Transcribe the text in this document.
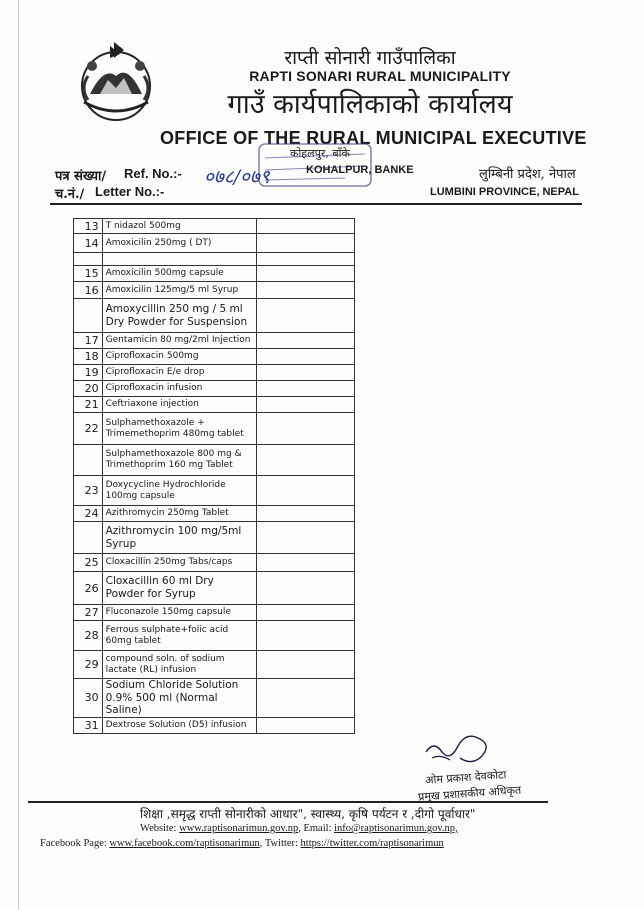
राप्ती सोनारी गाउँपालिका
RAPTI SONARI RURAL MUNICIPALITY
गाउँ कार्यपालिकाको कार्यालय
OFFICE OF THE RURAL MUNICIPAL EXECUTIVE
कोहलपुर, बाँके
KOHALPUR, BANKE	लुम्बिनी प्रदेश, नेपाल
LUMBINI PROVINCE, NEPAL
पत्र संख्या/ Ref. No.:- ०७८/०७९
च.नं./ Letter No.:-
13	T nidazol 500mg	
14	Amoxicilin 250mg ( DT)	

15	Amoxicilin 500mg capsule	
16	Amoxicilin 125mg/5 ml Syrup	
	Amoxycillin 250 mg / 5 ml Dry Powder for Suspension	
17	Gentamicin 80 mg/2ml Injection	
18	Ciprofloxacin 500mg	
19	Ciprofloxacin E/e drop	
20	Ciprofloxacin infusion	
21	Ceftriaxone injection	
22	Sulphamethoxazole + Trimemethoprim 480mg tablet	
	Sulphamethoxazole 800 mg & Trimethoprim 160 mg Tablet	
23	Doxycycline Hydrochloride 100mg capsule	
24	Azithromycin 250mg Tablet	
	Azithromycin 100 mg/5ml Syrup	
25	Cloxacillin 250mg Tabs/caps	
26	Cloxacillin 60 ml Dry Powder for Syrup	
27	Fluconazole 150mg capsule	
28	Ferrous sulphate+folic acid 60mg tablet	
29	compound soln. of sodium lactate (RL) infusion	
30	Sodium Chloride Solution 0.9% 500 ml (Normal Saline)	
31	Dextrose Solution (D5) infusion	
ओम प्रकाश देवकोटा
प्रमुख प्रशासकीय अधिकृत
शिक्षा ,समृद्ध राप्ती सोनारीको आधार", स्वास्थ्य, कृषि पर्यटन र ,दीगो पूर्वाधार"
Website: www.raptisonarimun.gov.np, Email: info@raptisonarimun.gov.np,
Facebook Page: www.facebook.com/raptisonarimun, Twitter: https://twitter.com/raptisonarimun
